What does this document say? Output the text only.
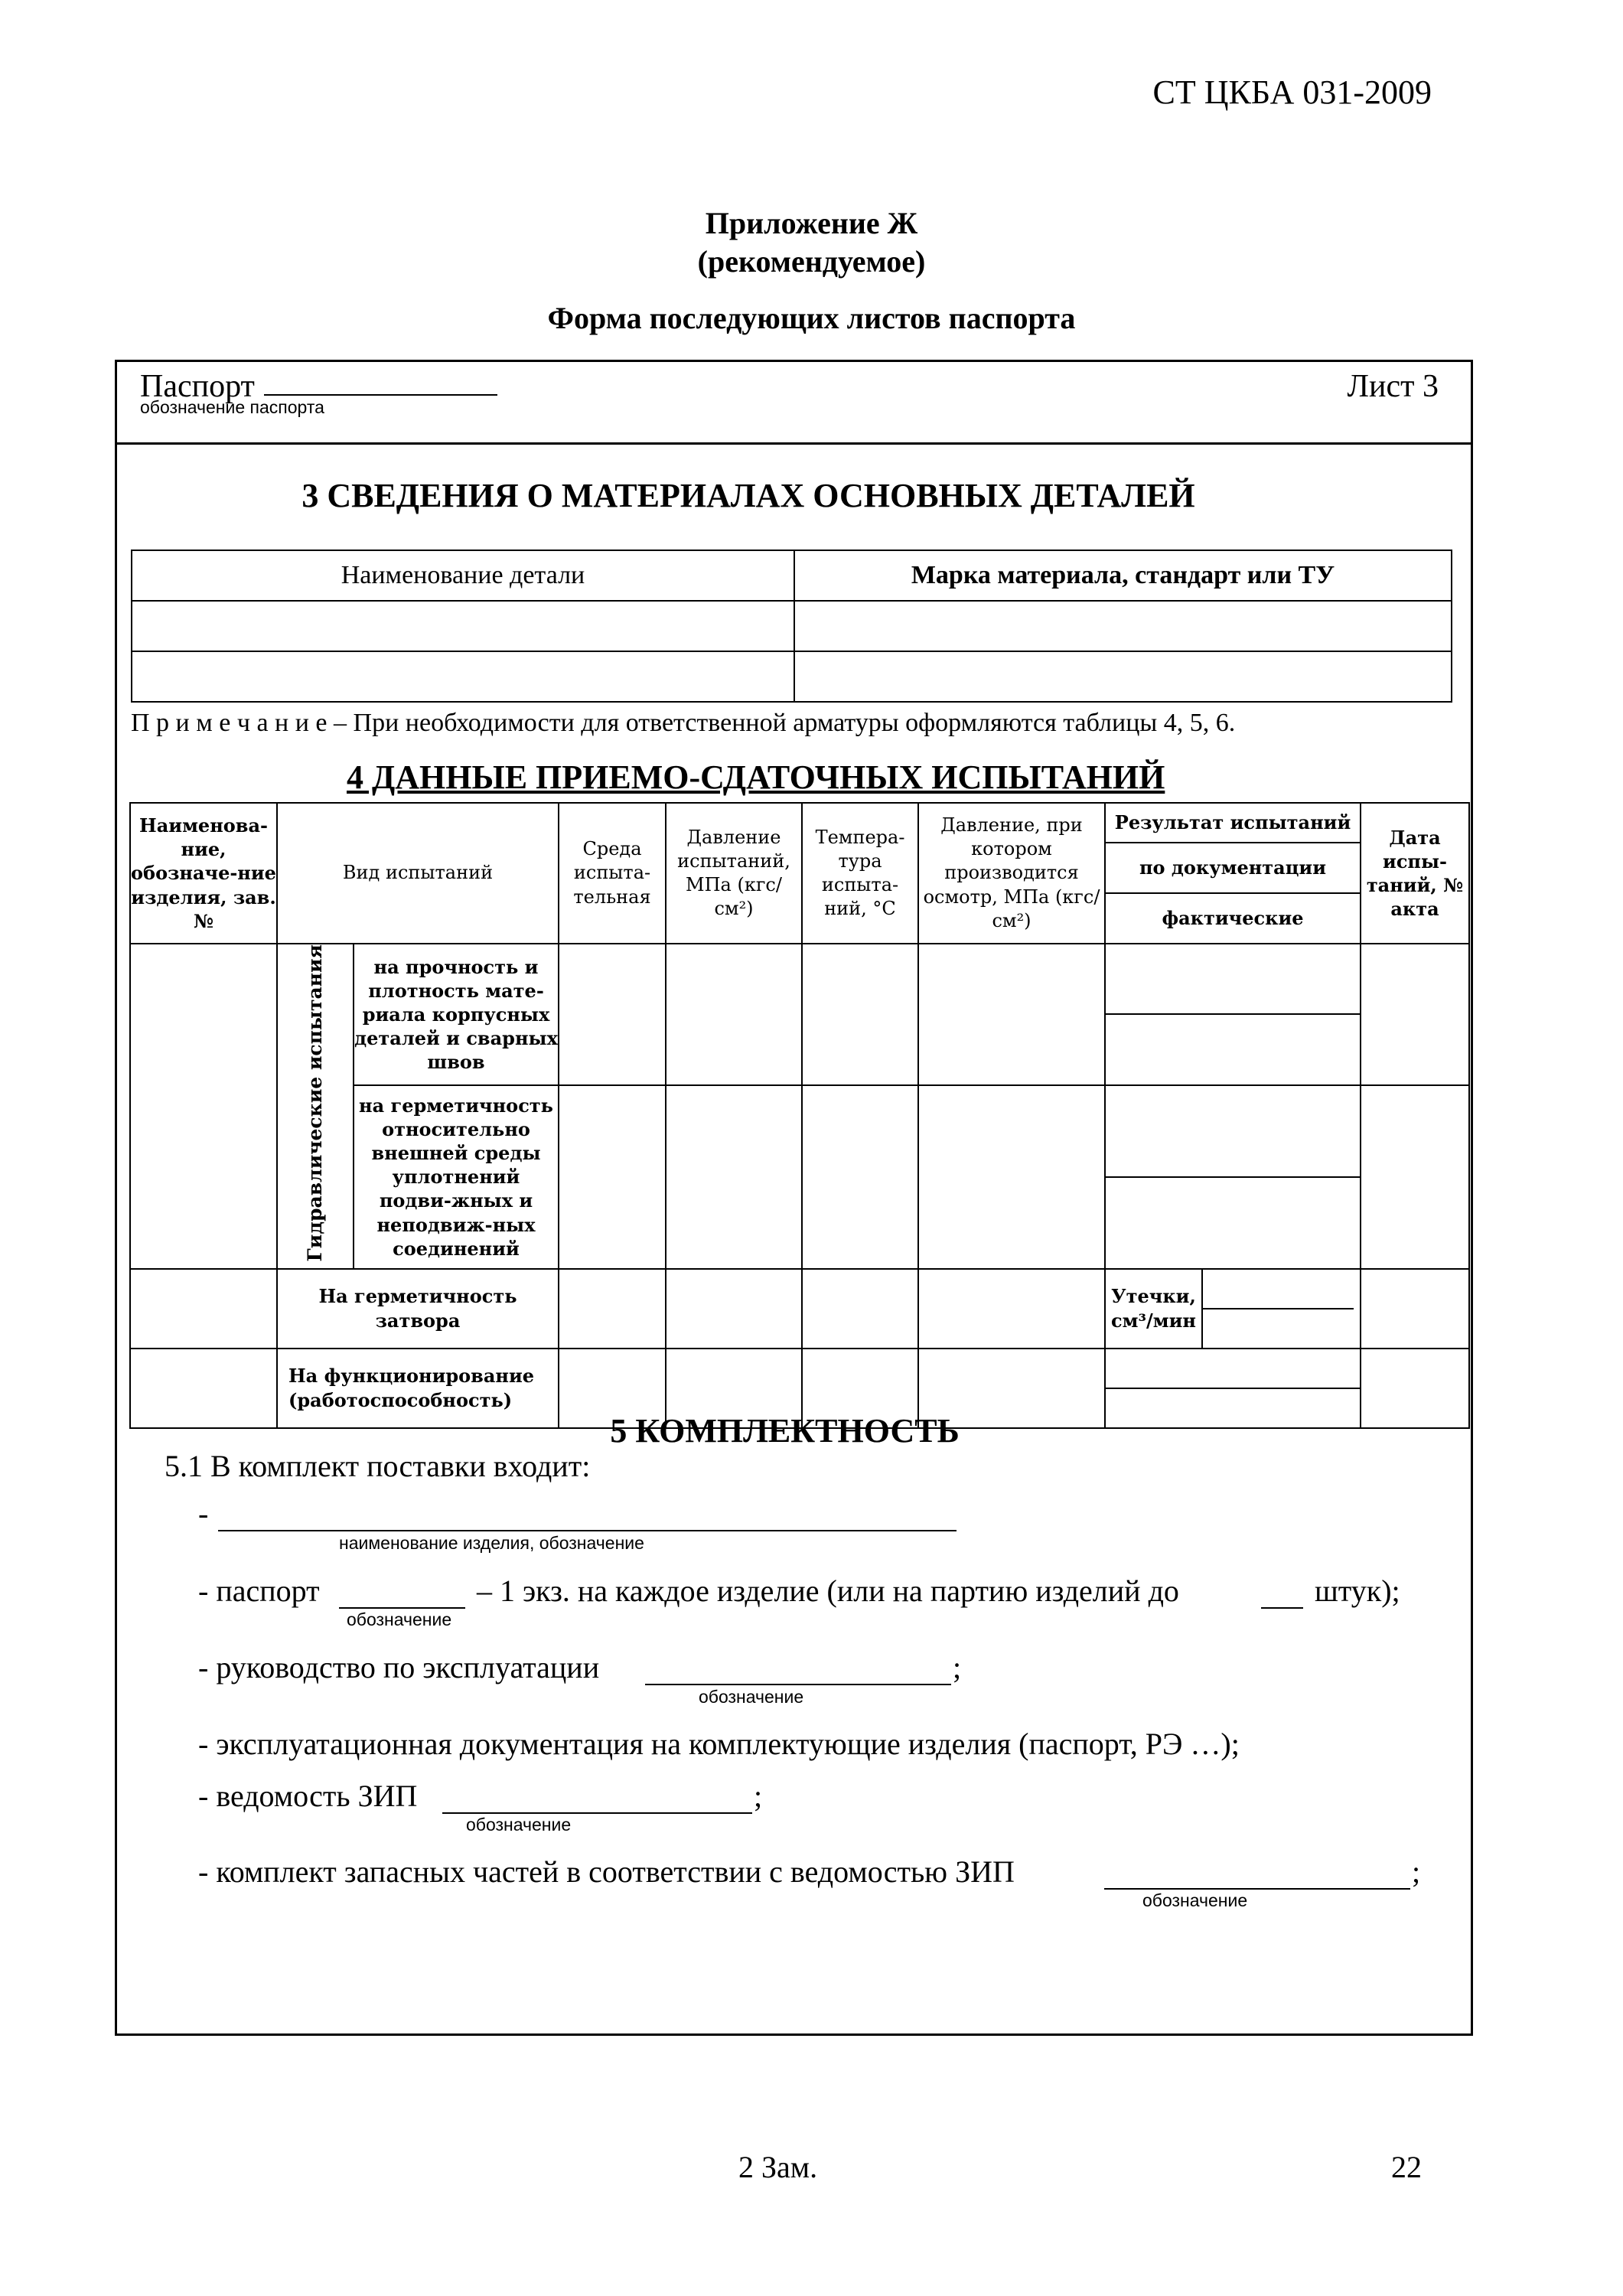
СТ ЦКБА 031-2009
Приложение Ж
(рекомендуемое)
Форма последующих листов паспорта
Паспорт
обозначение паспорта
Лист 3
3 СВЕДЕНИЯ О МАТЕРИАЛАХ ОСНОВНЫХ ДЕТАЛЕЙ
Наименование детали	Марка материала, стандарт или ТУ

П р и м е ч а н и е – При необходимости для ответственной арматуры оформляются таблицы 4, 5, 6.
4 ДАННЫЕ ПРИЕМО-СДАТОЧНЫХ ИСПЫТАНИЙ
Наименова-ние, обозначе-ние изделия, зав.№	Вид испытаний		Среда испыта-тельная	Давление испытаний, МПа (кгс/см²)	Темпера-тура испыта-ний, °С	Давление, при котором производится осмотр, МПа (кгс/см²)	Результат испытаний		Дата испы-таний, № акта
							по документации		
							фактические		
	Гидравлические испытания	на прочность и плотность мате-риала корпусных деталей и сварных швов						

		на герметичность относительно внешней среды уплотнений подви-жных и неподвиж-ных соединений						

	На герметичность затвора						Утечки, см³/мин	

	На функционирование (работоспособность)							

5 КОМПЛЕКТНОСТЬ
5.1 В комплект поставки входит:
-
наименование изделия, обозначение
- паспорт	– 1 экз. на каждое изделие (или на партию изделий до	штук);
обозначение
- руководство по эксплуатации	;
обозначение
- эксплуатационная документация на комплектующие изделия (паспорт, РЭ …);
- ведомость ЗИП	;
обозначение
- комплект запасных частей в соответствии с ведомостью ЗИП	;
обозначение
2 Зам.	22
